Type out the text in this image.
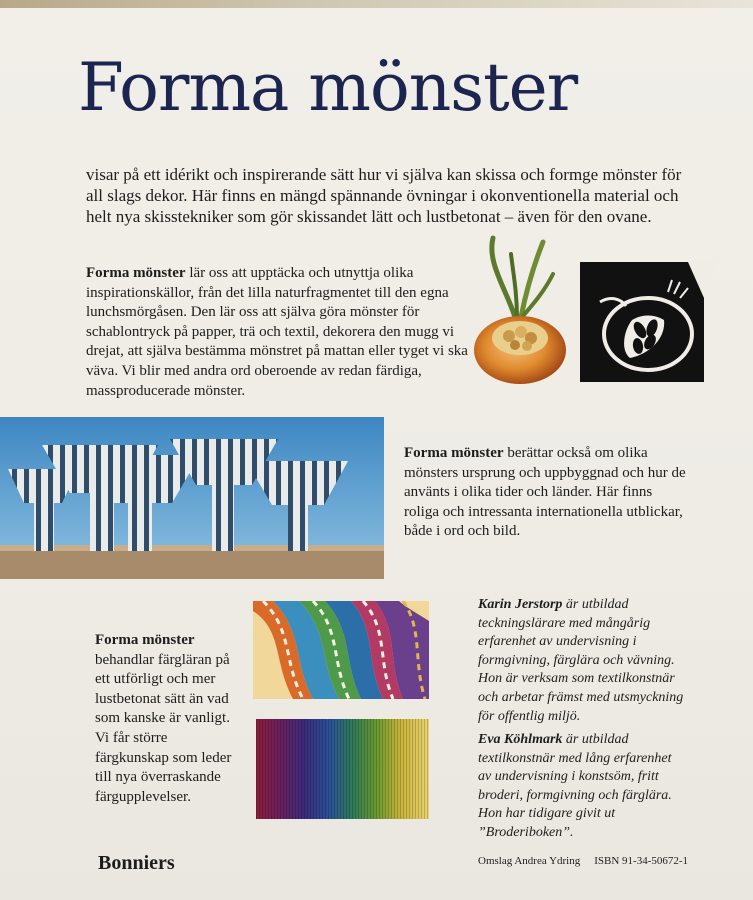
Forma mönster

visar på ett idérikt och inspirerande sätt hur vi själva kan skissa och formge mönster för all slags dekor. Här finns en mängd spännande övningar i okonventionella material och helt nya skisstekniker som gör skissandet lätt och lustbetonat – även för den ovane.

Forma mönster lär oss att upptäcka och utnyttja olika inspirationskällor, från det lilla naturfragmentet till den egna lunchsmörgåsen. Den lär oss att själva göra mönster för schablontryck på papper, trä och textil, dekorera den mugg vi drejat, att själva bestämma mönstret på mattan eller tyget vi ska väva. Vi blir med andra ord oberoende av redan färdiga, massproducerade mönster.

Forma mönster berättar också om olika mönsters ursprung och uppbyggnad och hur de använts i olika tider och länder. Här finns roliga och intressanta internationella utblickar, både i ord och bild.

Forma mönster behandlar färgläran på ett utförligt och mer lustbetonat sätt än vad som kanske är vanligt. Vi får större färgkunskap som leder till nya överraskande färgupplevelser.

Karin Jerstorp är utbildad teckningslärare med mångårig erfarenhet av undervisning i formgivning, färglära och vävning. Hon är verksam som textilkonstnär och arbetar främst med utsmyckning för offentlig miljö.

Eva Köhlmark är utbildad textilkonstnär med lång erfarenhet av undervisning i konstsöm, fritt broderi, formgivning och färglära. Hon har tidigare givit ut ”Broderiboken”.

Bonniers	Omslag Andrea Ydring ISBN 91-34-50672-1
